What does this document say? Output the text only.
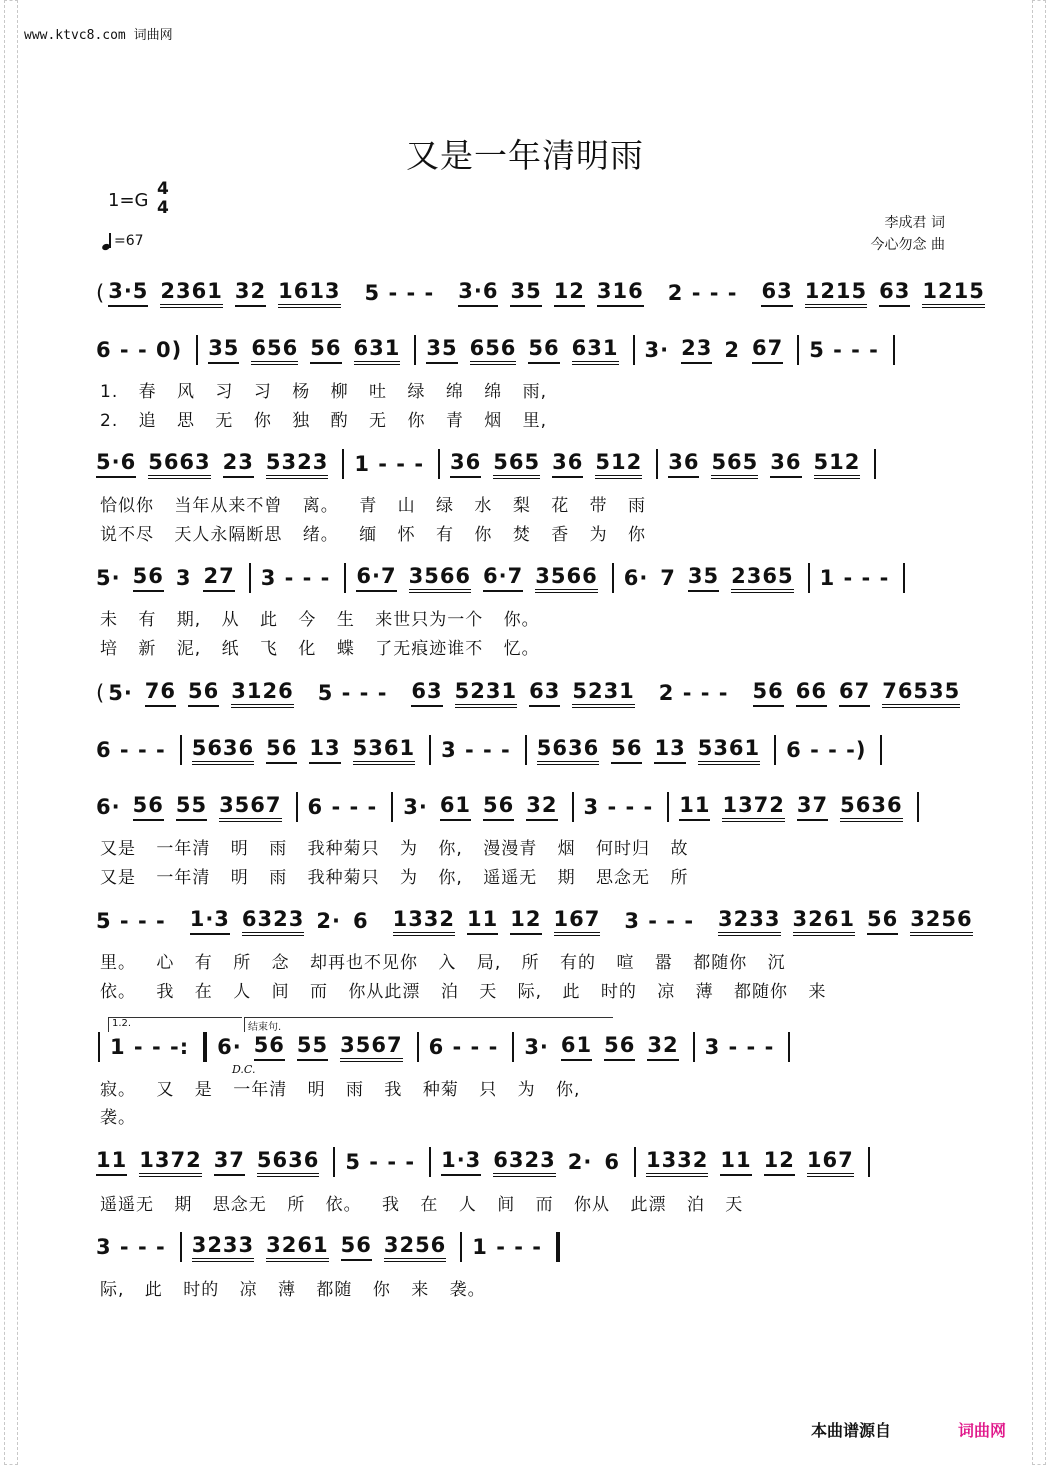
www.ktvc8.com 词曲网
又是一年清明雨
1=G
4
4
=67
李成君 词
今心勿念 曲
( 3·5 2361 32 1613 5 - - - 3·6 35 12 316 2 - - - 63 1215 63 1215
6 - - 0) 35 656 56 631 35 656 56 631 3· 23 2 67 5 - - -
5·6 5663 23 5323 1 - - - 36 565 36 512 36 565 36 512
5· 56 3 27 3 - - - 6·7 3566 6·7 3566 6· 7 35 2365 1 - - -
( 5· 76 56 3126 5 - - - 63 5231 63 5231 2 - - - 56 66 67 76535
6 - - - 5636 56 13 5361 3 - - - 5636 56 13 5361 6 - - -)
6· 56 55 3567 6 - - - 3· 61 56 32 3 - - - 11 1372 37 5636
5 - - - 1·3 6323 2· 6 1332 11 12 167 3 - - - 3233 3261 56 3256
1 - - -: 6· 56 55 3567 6 - - - 3· 61 56 32 3 - - -
11 1372 37 5636 5 - - - 1·3 6323 2· 6 1332 11 12 167
3 - - - 3233 3261 56 3256 1 - - -
1. 春 风 习 习 杨 柳 吐 绿 绵 绵 雨,
2. 追 思 无 你 独 酌 无 你 青 烟 里,
恰似你 当年从来不曾 离。 青 山 绿 水 梨 花 带 雨
说不尽 天人永隔断思 绪。 缅 怀 有 你 焚 香 为 你
未 有 期, 从 此 今 生 来世只为一个 你。
培 新 泥, 纸 飞 化 蝶 了无痕迹谁不 忆。
又是 一年清 明 雨 我种菊只 为 你, 漫漫青 烟 何时归 故
又是 一年清 明 雨 我种菊只 为 你, 遥遥无 期 思念无 所
里。 心 有 所 念 却再也不见你 入 局, 所 有的 喧 嚣 都随你 沉
依。 我 在 人 间 而 你从此漂 泊 天 际, 此 时的 凉 薄 都随你 来
寂。 又 是 一年清 明 雨 我 种菊 只 为 你,
袭。
遥遥无 期 思念无 所 依。 我 在 人 间 而 你从 此漂 泊 天
际, 此 时的 凉 薄 都随 你 来 袭。
1.2.	结束句.
D.C.
本曲谱源自	词曲网
